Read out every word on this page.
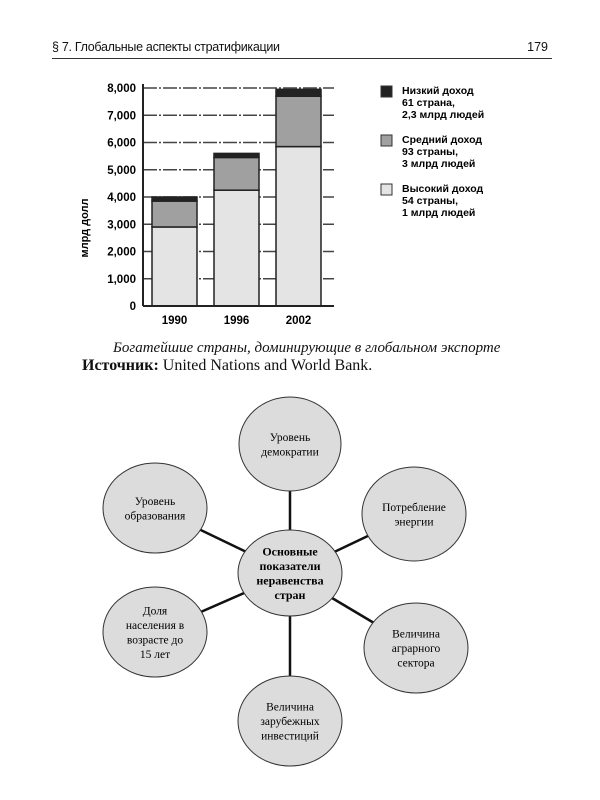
§ 7. Глобальные аспекты стратификации	179
0
1,000
2,000
3,000
4,000
5,000
6,000
7,000
8,000
1990	1996	2002
млрд долл
Низкий доход
61 страна,
2,3 млрд людей
Средний доход
93 страны,
3 млрд людей
Высокий доход
54 страны,
1 млрд людей
Богатейшие страны, доминирующие в глобальном экспорте
Источник: United Nations and World Bank.
Уровень
демократии
Потребление
энергии
Величина
аграрного
сектора
Величина
зарубежных
инвестиций
Доля
населения в
возрасте до
15 лет
Уровень
образования
Основные
показатели
неравенства
стран
